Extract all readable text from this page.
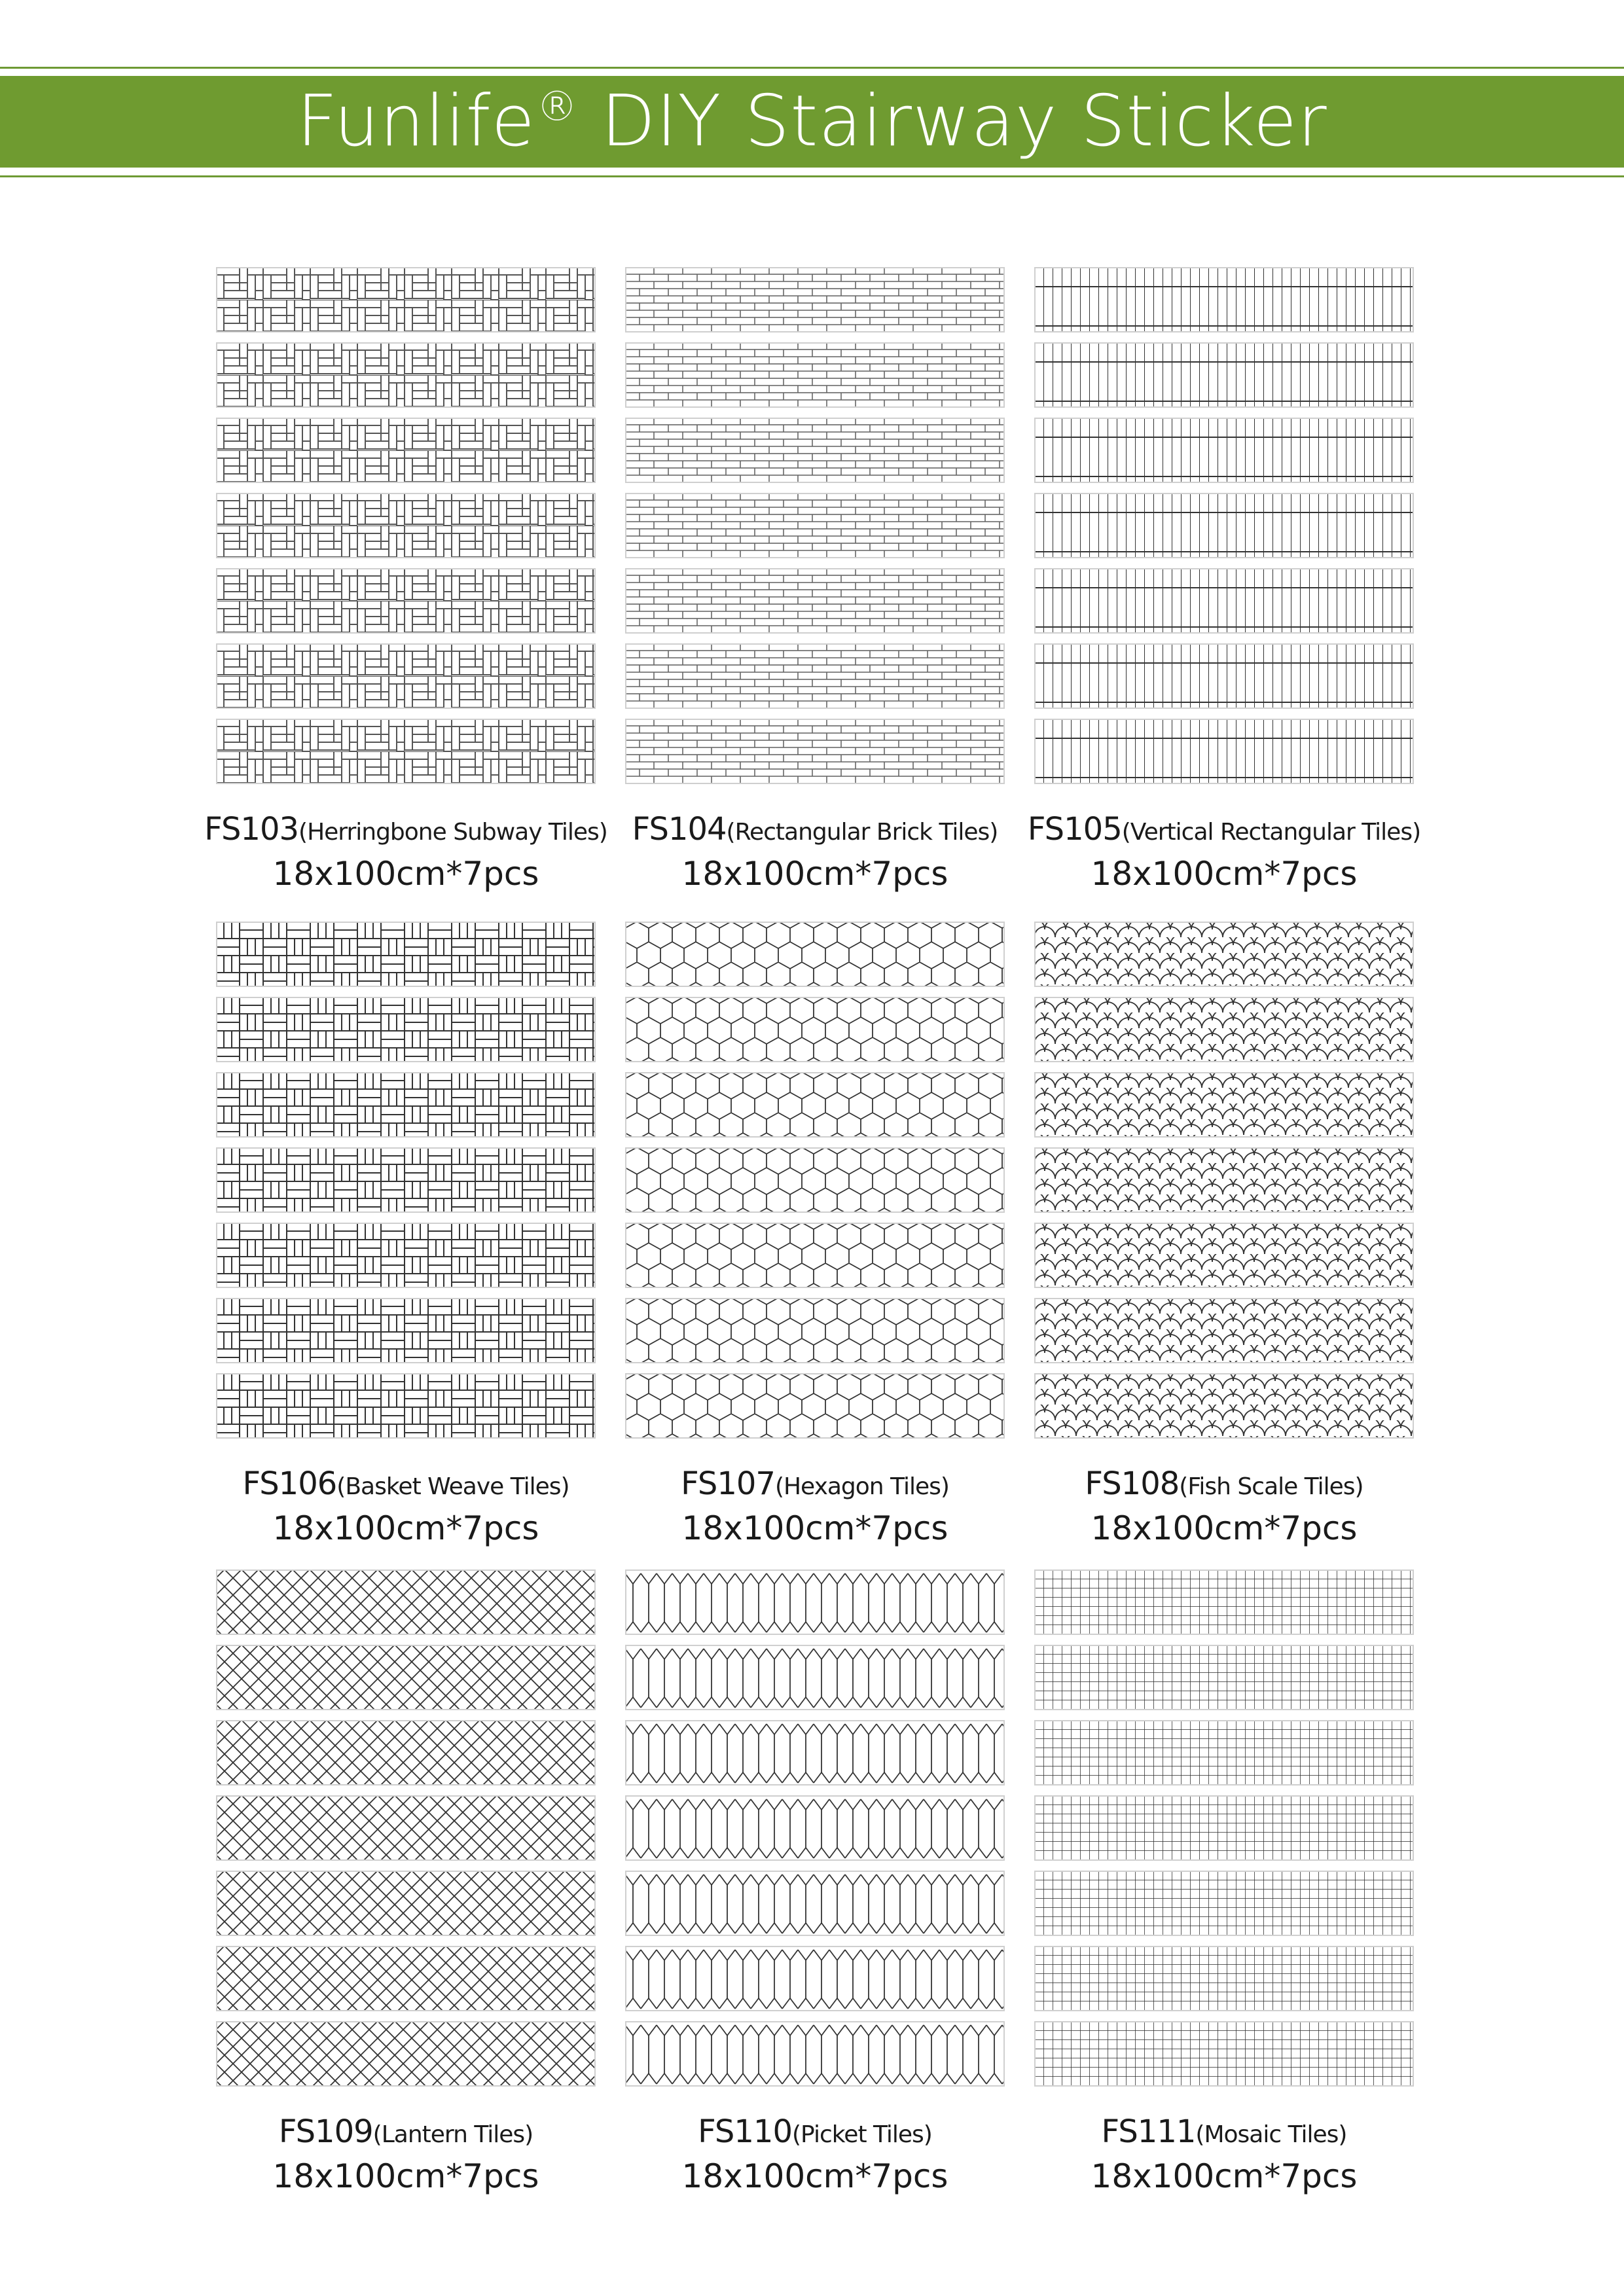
Funlife® DIY Stairway Sticker
FS103(Herringbone Subway Tiles)
18x100cm*7pcs
FS104(Rectangular Brick Tiles)
18x100cm*7pcs
FS105(Vertical Rectangular Tiles)
18x100cm*7pcs
FS106(Basket Weave Tiles)
18x100cm*7pcs
FS107(Hexagon Tiles)
18x100cm*7pcs
FS108(Fish Scale Tiles)
18x100cm*7pcs
FS109(Lantern Tiles)
18x100cm*7pcs
FS110(Picket Tiles)
18x100cm*7pcs
FS111(Mosaic Tiles)
18x100cm*7pcs
